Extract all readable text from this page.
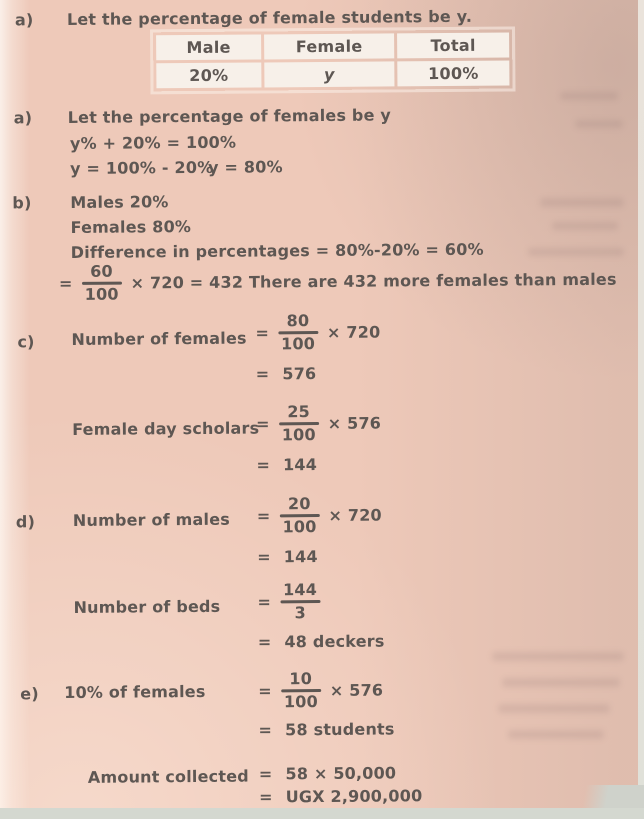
a) Let the percentage of female students be y.
Male	Female	Total
20%	y	100%
a) Let the percentage of females be y
y% + 20% = 100%
y = 100% - 20%
y = 80%
b) Males 20%
Females 80%
Difference in percentages = 80%-20% = 60%
= $\frac{60}{100} \times 720 = 432$ There are 432 more females than males
c) Number of females = $\frac{80}{100} \times 720$
= 576
Female day scholars
= $\frac{25}{100} \times 576$
= 144
d) Number of males = $\frac{20}{100} \times 720$
= 144
Number of beds = $\frac{144}{3}$
= 48 deckers
e) 10% of females	= $\frac{10}{100} \times 576$
= 58 students
Amount collected = 58 × 50,000
= UGX 2,900,000
